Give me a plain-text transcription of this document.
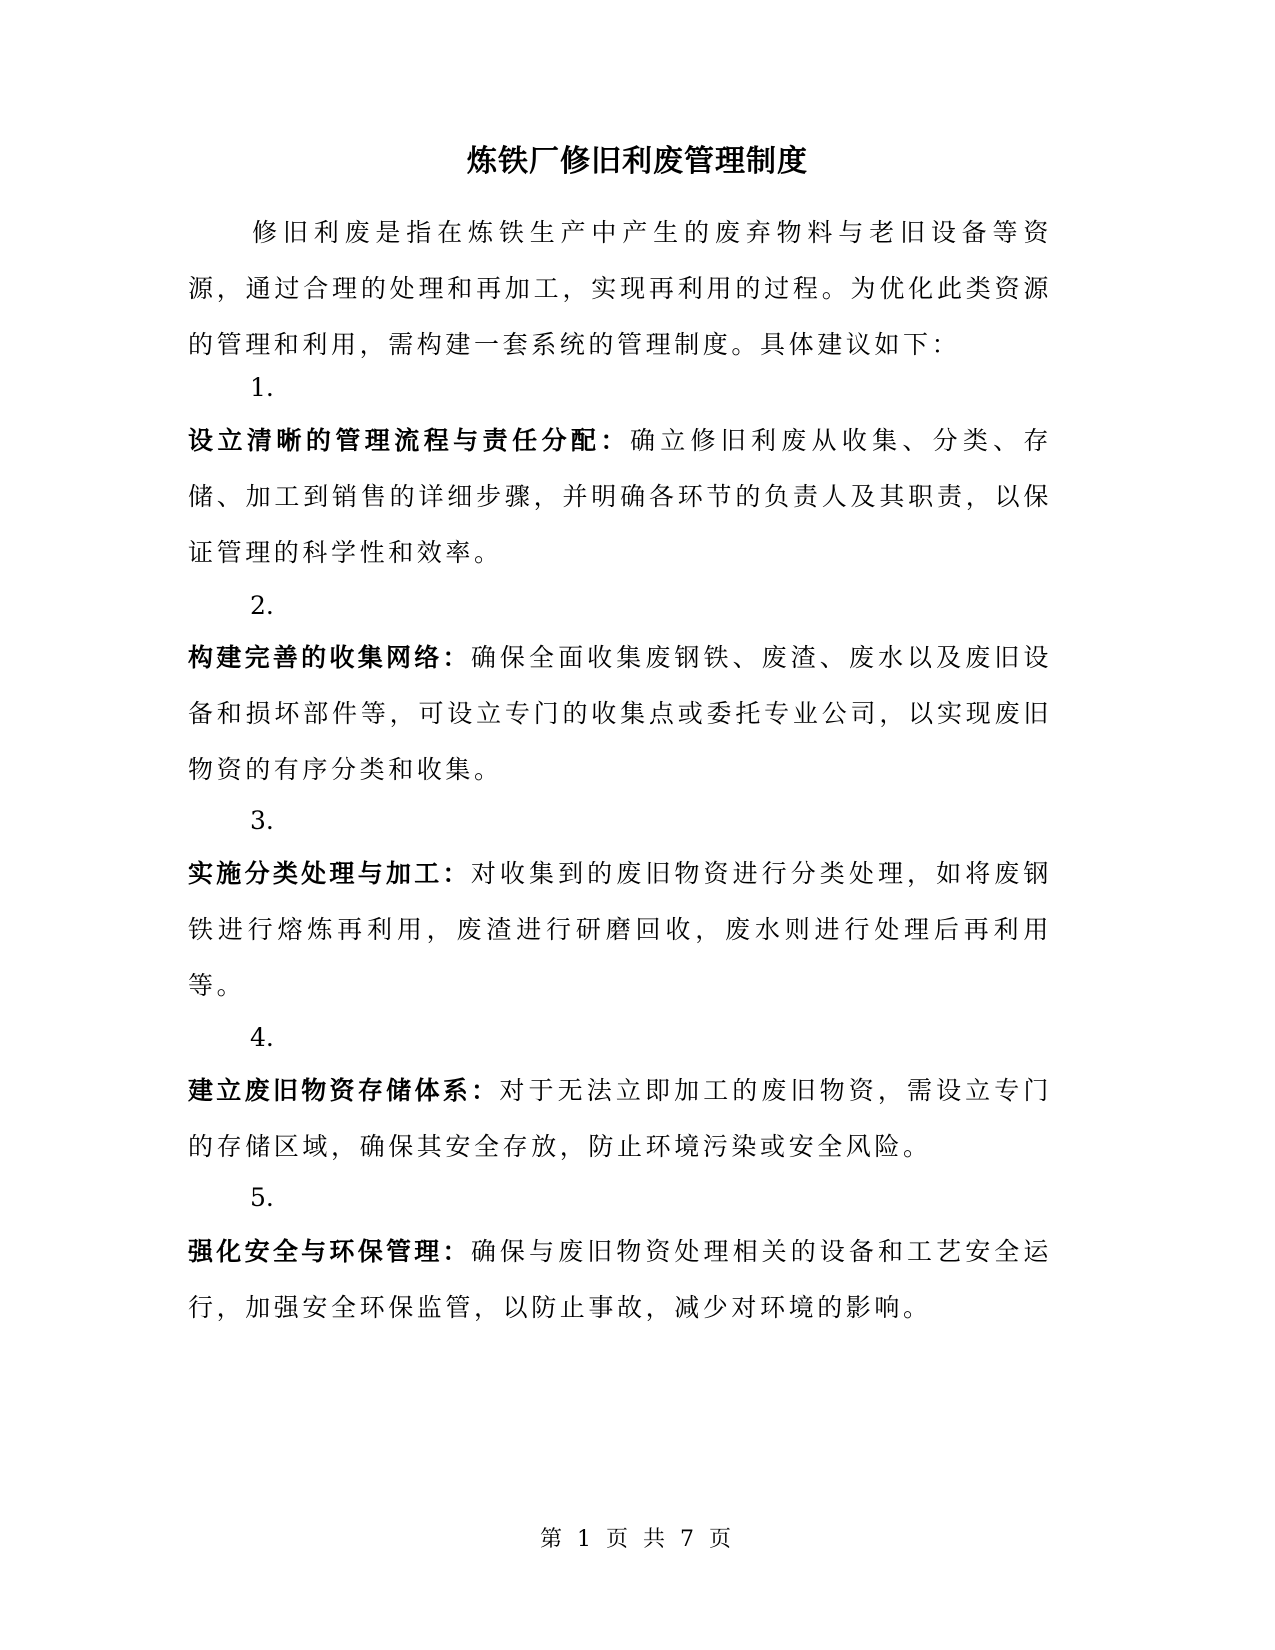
炼铁厂修旧利废管理制度
修旧利废是指在炼铁生产中产生的废弃物料与老旧设备等资源，通过合理的处理和再加工，实现再利用的过程。为优化此类资源的管理和利用，需构建一套系统的管理制度。具体建议如下：
1.
设立清晰的管理流程与责任分配：确立修旧利废从收集、分类、存储、加工到销售的详细步骤，并明确各环节的负责人及其职责，以保证管理的科学性和效率。
2.
构建完善的收集网络：确保全面收集废钢铁、废渣、废水以及废旧设备和损坏部件等，可设立专门的收集点或委托专业公司，以实现废旧物资的有序分类和收集。
3.
实施分类处理与加工：对收集到的废旧物资进行分类处理，如将废钢铁进行熔炼再利用，废渣进行研磨回收，废水则进行处理后再利用等。
4.
建立废旧物资存储体系：对于无法立即加工的废旧物资，需设立专门的存储区域，确保其安全存放，防止环境污染或安全风险。
5.
强化安全与环保管理：确保与废旧物资处理相关的设备和工艺安全运行，加强安全环保监管，以防止事故，减少对环境的影响。
第 1 页 共 7 页
